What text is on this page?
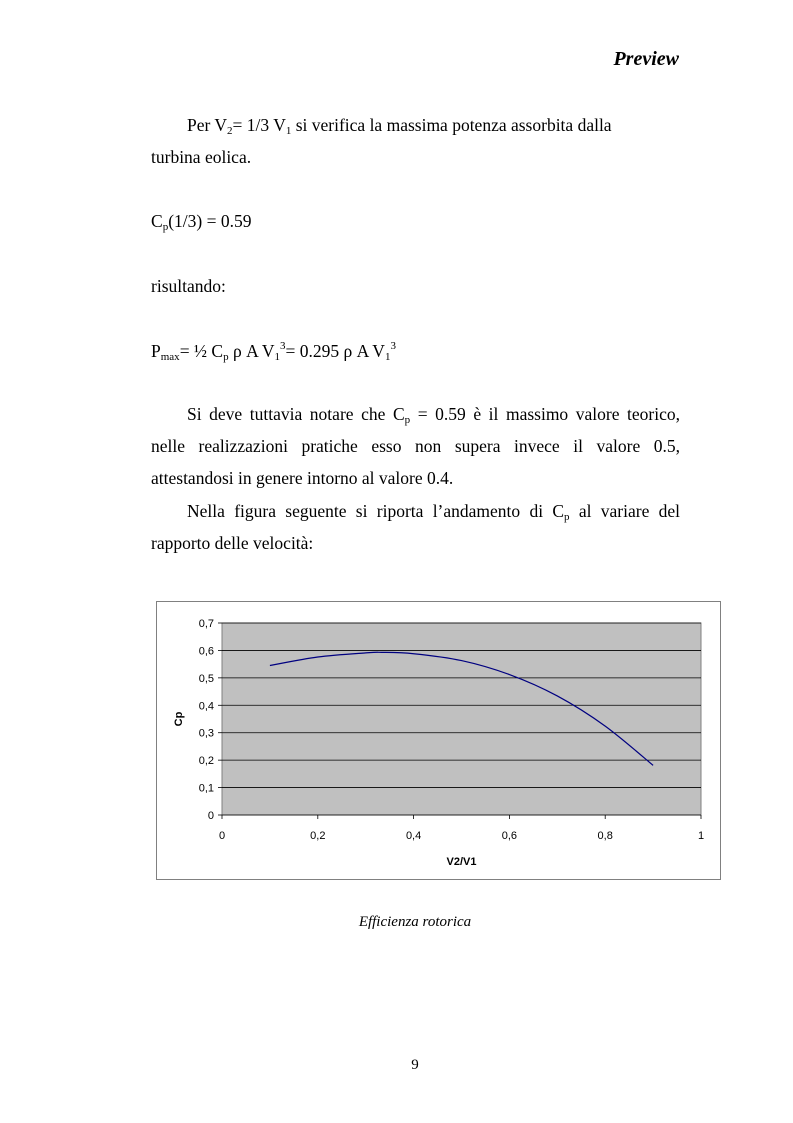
Preview
Per $V_2= 1/3$ $V_1$ si verifica la massima potenza assorbita dalla
turbina eolica.
$C_p(1/3) = 0.59$
risultando:
$P_{max}=$ ½ $C_p$ ρ A $V_1^3= 0.295$ ρ A $V_1^3$
Si deve tuttavia notare che $C_p = 0.59$ è il massimo valore teorico,
nelle realizzazioni pratiche esso non supera invece il valore 0.5,
attestandosi in genere intorno al valore 0.4.
Nella figura seguente si riporta l’andamento di $C_p$ al variare del
rapporto delle velocità:
0
0,1
0,2
0,3
0,4
0,5
0,6
0,7
0	0,2	0,4	0,6	0,8	1
V2/V1
Cp
Efficienza rotorica
9
